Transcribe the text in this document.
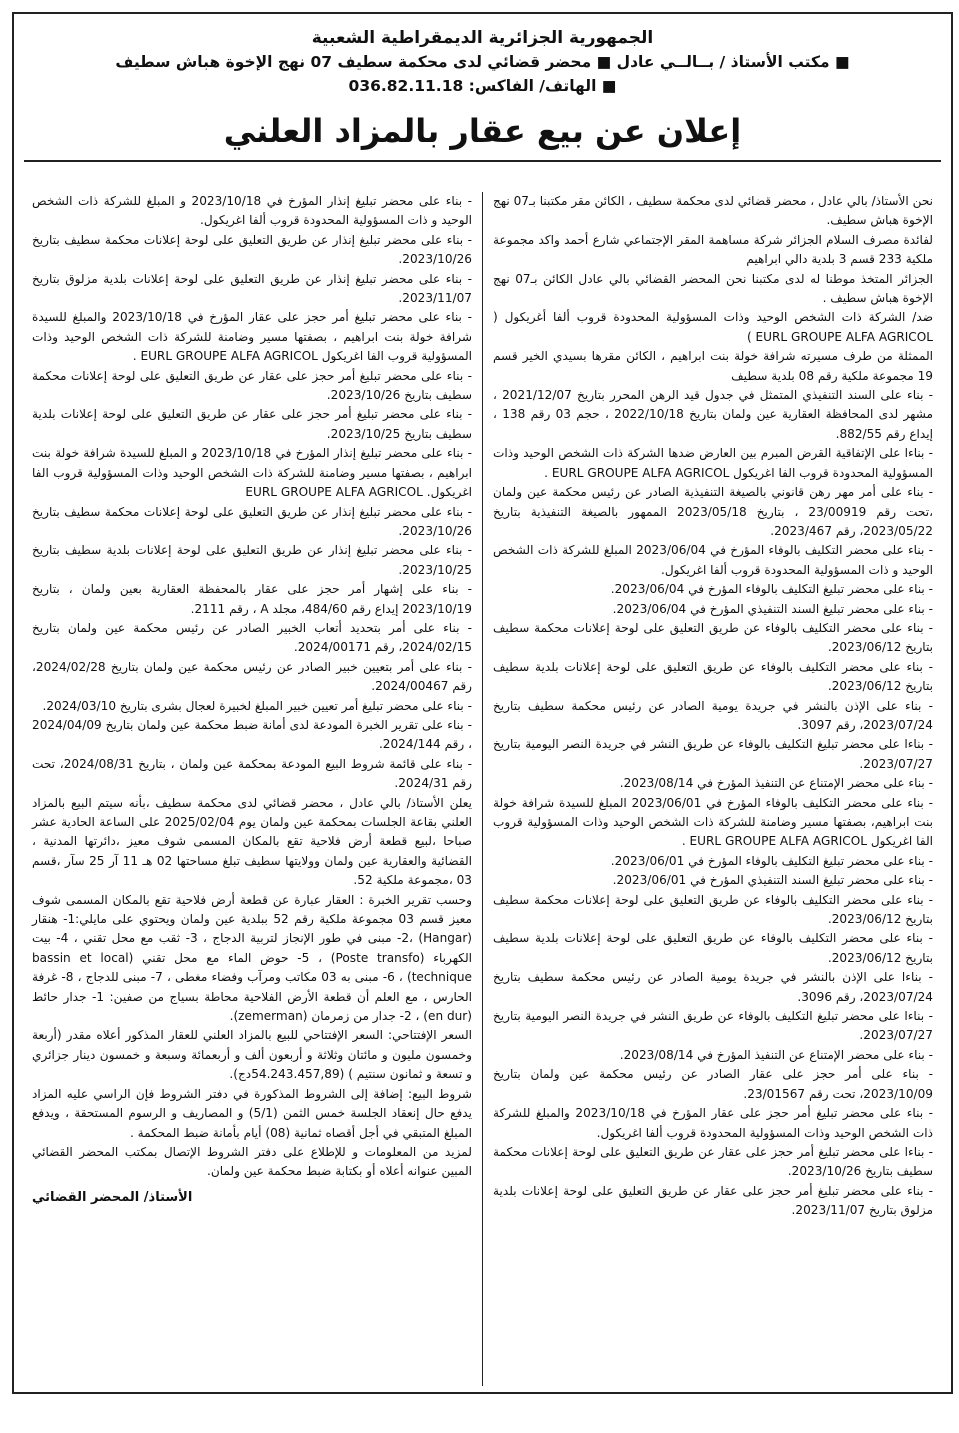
الجمهورية الجزائرية الديمقراطية الشعبية
■ مكتب الأستاذ / بــالــي عادل ■ محضر قضائي لدى محكمة سطيف 07 نهج الإخوة هباش سطيف
■ الهاتف/ الفاكس: 036.82.11.18
إعلان عن بيع عقار بالمزاد العلني

نحن الأستاذ/ بالي عادل ، محضر قضائي لدى محكمة سطيف ، الكائن مقر مكتبنا بـ07 نهج الإخوة هباش سطيف.

لفائدة مصرف السلام الجزائر شركة مساهمة المقر الإجتماعي شارع أحمد واكد مجموعة ملكية 233 قسم 3 بلدية دالي ابراهيم

الجزائر المتخذ موطنا له لدى مكتبنا نحن المحضر القضائي بالي عادل الكائن بـ07 نهج الإخوة هباش سطيف .

ضد/ الشركة ذات الشخص الوحيد وذات المسؤولية المحدودة قروب ألفا أغريكول ( EURL GROUPE ALFA AGRICOL )

الممثلة من طرف مسيرته شرافة خولة بنت ابراهيم ، الكائن مقرها بسيدي الخير قسم 19 مجموعة ملكية رقم 08 بلدية سطيف

- بناء على السند التنفيذي المتمثل في جدول قيد الرهن المحرر بتاريخ 2021/12/07 ، مشهر لدى المحافظة العقارية عين ولمان بتاريخ 2022/10/18 ، حجم 03 رقم 138 ، إيداع رقم 882/55.

- بناءا على الإتفاقية القرض المبرم بين العارض ضدها الشركة ذات الشخص الوحيد وذات المسؤولية المحدودة قروب الفا اغريكول EURL GROUPE ALFA AGRICOL .

- بناء على أمر مهر رهن قانوني بالصيغة التنفيذية الصادر عن رئيس محكمة عين ولمان ،تحت رقم 23/00919 ، بتاريخ 2023/05/18 الممهور بالصيغة التنفيذية بتاريخ 2023/05/22، رقم 2023/467.

- بناء على محضر التكليف بالوفاء المؤرخ في 2023/06/04 المبلغ للشركة ذات الشخص الوحيد و ذات المسؤولية المحدودة قروب ألفا اغريكول.

- بناء على محضر تبليغ التكليف بالوفاء المؤرخ في 2023/06/04.

- بناء على محضر تبليغ السند التنفيذي المؤرخ في 2023/06/04.

- بناء على محضر التكليف بالوفاء عن طريق التعليق على لوحة إعلانات محكمة سطيف بتاريخ 2023/06/12.

- بناء على محضر التكليف بالوفاء عن طريق التعليق على لوحة إعلانات بلدية سطيف بتاريخ 2023/06/12.

- بناء على الإذن بالنشر في جريدة يومية الصادر عن رئيس محكمة سطيف بتاريخ 2023/07/24، رقم 3097.

- بناءا على محضر تبليغ التكليف بالوفاء عن طريق النشر في جريدة النصر اليومية بتاريخ 2023/07/27.

- بناء على محضر الإمتناع عن التنفيذ المؤرخ في 2023/08/14.

- بناء على محضر التكليف بالوفاء المؤرخ في 2023/06/01 المبلغ للسيدة شرافة خولة بنت ابراهيم، بصفتها مسير وضامنة للشركة ذات الشخص الوحيد وذات المسؤولية قروب الفا اغريكول EURL GROUPE ALFA AGRICOL .

- بناء على محضر تبليغ التكليف بالوفاء المؤرخ في 2023/06/01.

- بناء على محضر تبليغ السند التنفيذي المؤرخ في 2023/06/01.

- بناء على محضر التكليف بالوفاء عن طريق التعليق على لوحة إعلانات محكمة سطيف بتاريخ 2023/06/12.

- بناء على محضر التكليف بالوفاء عن طريق التعليق على لوحة إعلانات بلدية سطيف بتاريخ 2023/06/12.

- بناءا على الإذن بالنشر في جريدة يومية الصادر عن رئيس محكمة سطيف بتاريخ 2023/07/24، رقم 3096.

- بناءا على محضر تبليغ التكليف بالوفاء عن طريق النشر في جريدة النصر اليومية بتاريخ 2023/07/27.

- بناء على محضر الإمتناع عن التنفيذ المؤرخ في 2023/08/14.

- بناء على أمر حجز على عقار الصادر عن رئيس محكمة عين ولمان بتاريخ 2023/10/09، تحت رقم 23/01567.

- بناء على محضر تبليغ أمر حجز على عقار المؤرخ في 2023/10/18 والمبلغ للشركة ذات الشخص الوحيد وذات المسؤولية المحدودة قروب ألفا اغريكول.

- بناءا على محضر تبليغ أمر حجز على عقار عن طريق التعليق على لوحة إعلانات محكمة سطيف بتاريخ 2023/10/26.

- بناء على محضر تبليغ أمر حجز على عقار عن طريق التعليق على لوحة إعلانات بلدية مزلوق بتاريخ 2023/11/07.

- بناء على محضر تبليغ إنذار المؤرخ في 2023/10/18 و المبلغ للشركة ذات الشخص الوحيد و ذات المسؤولية المحدودة قروب ألفا اغريكول.

- بناء على محضر تبليغ إنذار عن طريق التعليق على لوحة إعلانات محكمة سطيف بتاريخ 2023/10/26.

- بناء على محضر تبليغ إنذار عن طريق التعليق على لوحة إعلانات بلدية مزلوق بتاريخ 2023/11/07.

- بناء على محضر تبليغ أمر حجز على عقار المؤرخ في 2023/10/18 والمبلغ للسيدة شرافة خولة بنت ابراهيم ، بصفتها مسير وضامنة للشركة ذات الشخص الوحيد وذات المسؤولية قروب الفا اغريكول EURL GROUPE ALFA AGRICOL .

- بناء على محضر تبليغ أمر حجز على عقار عن طريق التعليق على لوحة إعلانات محكمة سطيف بتاريخ 2023/10/26.

- بناء على محضر تبليغ أمر حجز على عقار عن طريق التعليق على لوحة إعلانات بلدية سطيف بتاريخ 2023/10/25.

- بناء على محضر تبليغ إنذار المؤرخ في 2023/10/18 و المبلغ للسيدة شرافة خولة بنت ابراهيم ، بصفتها مسير وضامنة للشركة ذات الشخص الوحيد وذات المسؤولية قروب الفا اغريكول. EURL GROUPE ALFA AGRICOL

- بناء على محضر تبليغ إنذار عن طريق التعليق على لوحة إعلانات محكمة سطيف بتاريخ 2023/10/26.

- بناء على محضر تبليغ إنذار عن طريق التعليق على لوحة إعلانات بلدية سطيف بتاريخ 2023/10/25.

- بناء على إشهار أمر حجز على عقار بالمحفظة العقارية بعين ولمان ، بتاريخ 2023/10/19 إيداع رقم 484/60، مجلد A ، رقم 2111.

- بناء على أمر بتحديد أتعاب الخبير الصادر عن رئيس محكمة عين ولمان بتاريخ 2024/02/15، رقم 2024/00171.

- بناء على أمر بتعيين خبير الصادر عن رئيس محكمة عين ولمان بتاريخ 2024/02/28، رقم 2024/00467.

- بناء على محضر تبليغ أمر تعيين خبير المبلغ لخبيرة لعجال بشرى بتاريخ 2024/03/10.

- بناء على تقرير الخبرة المودعة لدى أمانة ضبط محكمة عين ولمان بتاريخ 2024/04/09 ، رقم 2024/144.

- بناء على قائمة شروط البيع المودعة بمحكمة عين ولمان ، بتاريخ 2024/08/31، تحت رقم 2024/31.

يعلن الأستاذ/ بالي عادل ، محضر قضائي لدى محكمة سطيف ،بأنه سيتم البيع بالمزاد العلني بقاعة الجلسات بمحكمة عين ولمان يوم 2025/02/04 على الساعة الحادية عشر صباحا ،لبيع قطعة أرض فلاحية تقع بالمكان المسمى شوف معيز ،دائرتها المدنية ، القضائية والعقارية عين ولمان وولايتها سطيف تبلغ مساحتها 02 هـ 11 آر 25 سآر ،قسم 03 ،مجموعة ملكية 52.

وحسب تقرير الخبرة : العقار عبارة عن قطعة أرض فلاحية تقع بالمكان المسمى شوف معيز قسم 03 مجموعة ملكية رقم 52 ببلدية عين ولمان ويحتوي على مايلي:1- هنقار (Hangar) ،2- مبنى في طور الإنجاز لتربية الدجاج ، 3- ثقب مع محل تقني ، 4- بيت الكهرباء (Poste transfo) ، 5- حوض الماء مع محل تقني (bassin et local technique) ، 6- مبنى به 03 مكاتب ومرآب وفضاء مغطى ، 7- مبنى للدجاج ، 8- غرفة الحارس ، مع العلم أن قطعة الأرض الفلاحية محاطة بسياج من صفين: 1- جدار حائط (en dur) ، 2- جدار من زمرمان (zemerman).

السعر الإفتتاحي: السعر الإفتتاحي للبيع بالمزاد العلني للعقار المذكور أعلاه مقدر (أربعة وخمسون مليون و مائتان وثلاثة و أربعون ألف و أربعمائة وسبعة و خمسون دينار جزائري و تسعة و ثمانون سنتيم ) (54.243.457,89دج).

شروط البيع: إضافة إلى الشروط المذكورة في دفتر الشروط فإن الراسي عليه المزاد يدفع حال إنعقاد الجلسة خمس الثمن (5/1) و المصاريف و الرسوم المستحقة ، ويدفع المبلغ المتبقي في أجل أقصاه ثمانية (08) أيام بأمانة ضبط المحكمة .

لمزيد من المعلومات و للإطلاع على دفتر الشروط الإتصال بمكتب المحضر القضائي المبين عنوانه أعلاه أو بكتابة ضبط محكمة عين ولمان.

الأستاذ/ المحضر القضائي
